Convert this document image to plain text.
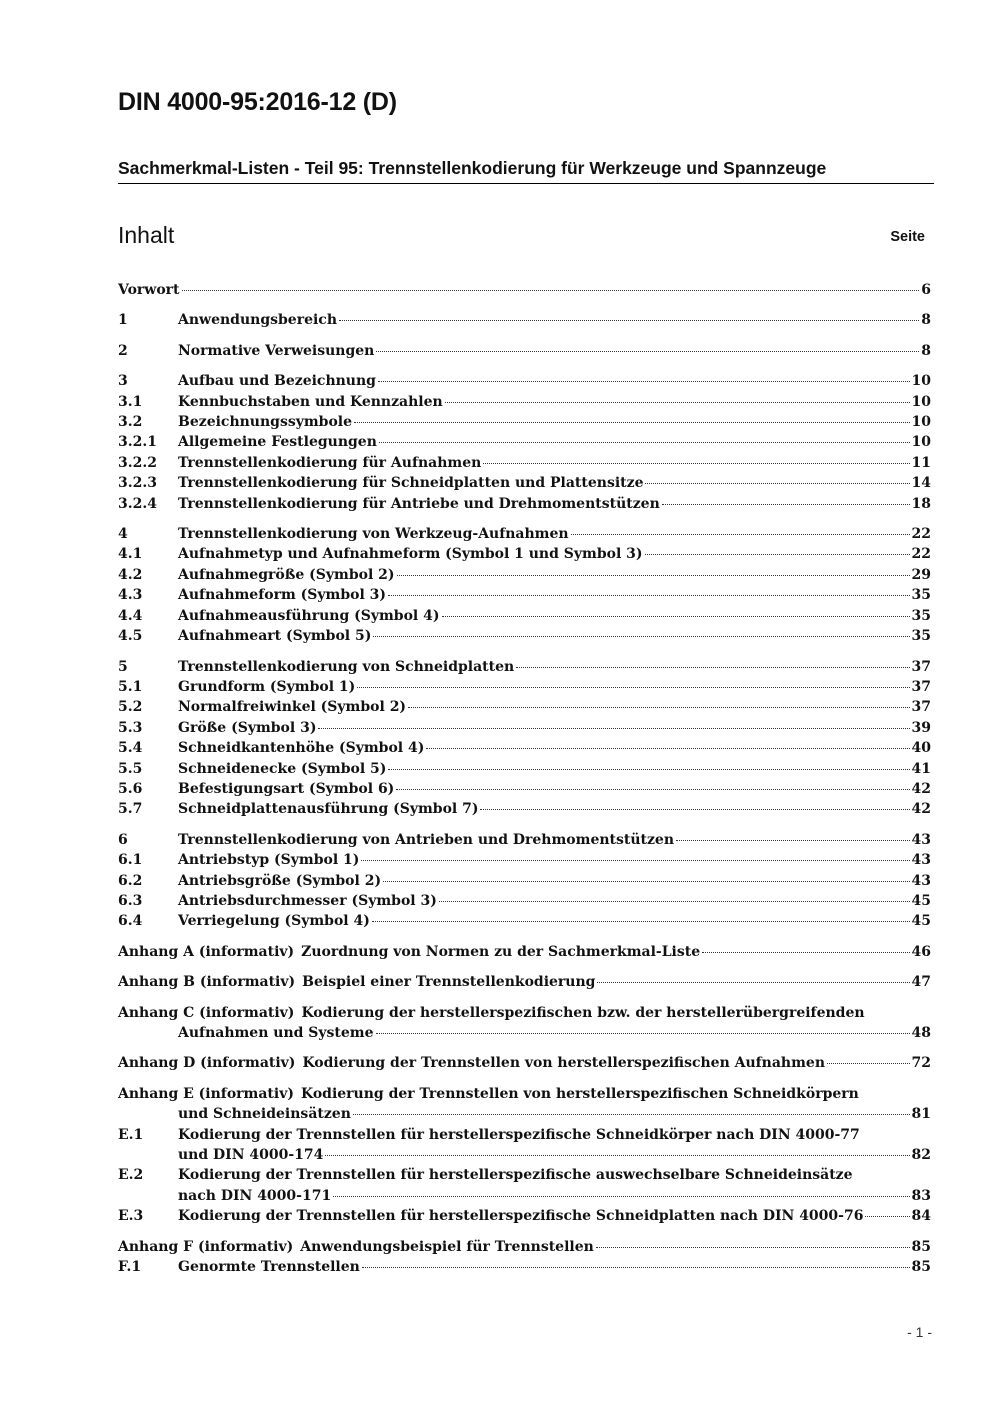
DIN 4000-95:2016-12 (D)
Sachmerkmal-Listen - Teil 95: Trennstellenkodierung für Werkzeuge und Spannzeuge
Inhalt	Seite
Vorwort	6
1	Anwendungsbereich	8
2	Normative Verweisungen	8
3	Aufbau und Bezeichnung	10
3.1	Kennbuchstaben und Kennzahlen	10
3.2	Bezeichnungssymbole	10
3.2.1	Allgemeine Festlegungen	10
3.2.2	Trennstellenkodierung für Aufnahmen	11
3.2.3	Trennstellenkodierung für Schneidplatten und Plattensitze	14
3.2.4	Trennstellenkodierung für Antriebe und Drehmomentstützen	18
4	Trennstellenkodierung von Werkzeug-Aufnahmen	22
4.1	Aufnahmetyp und Aufnahmeform (Symbol 1 und Symbol 3)	22
4.2	Aufnahmegröße (Symbol 2)	29
4.3	Aufnahmeform (Symbol 3)	35
4.4	Aufnahmeausführung (Symbol 4)	35
4.5	Aufnahmeart (Symbol 5)	35
5	Trennstellenkodierung von Schneidplatten	37
5.1	Grundform (Symbol 1)	37
5.2	Normalfreiwinkel (Symbol 2)	37
5.3	Größe (Symbol 3)	39
5.4	Schneidkantenhöhe (Symbol 4)	40
5.5	Schneidenecke (Symbol 5)	41
5.6	Befestigungsart (Symbol 6)	42
5.7	Schneidplattenausführung (Symbol 7)	42
6	Trennstellenkodierung von Antrieben und Drehmomentstützen	43
6.1	Antriebstyp (Symbol 1)	43
6.2	Antriebsgröße (Symbol 2)	43
6.3	Antriebsdurchmesser (Symbol 3)	45
6.4	Verriegelung (Symbol 4)	45
Anhang A (informativ) Zuordnung von Normen zu der Sachmerkmal-Liste	46
Anhang B (informativ) Beispiel einer Trennstellenkodierung	47
Anhang C (informativ) Kodierung der herstellerspezifischen bzw. der herstellerübergreifenden
Aufnahmen und Systeme	48
Anhang D (informativ) Kodierung der Trennstellen von herstellerspezifischen Aufnahmen	72
Anhang E (informativ) Kodierung der Trennstellen von herstellerspezifischen Schneidkörpern
und Schneideinsätzen	81
E.1	Kodierung der Trennstellen für herstellerspezifische Schneidkörper nach DIN 4000-77
und DIN 4000-174	82
E.2	Kodierung der Trennstellen für herstellerspezifische auswechselbare Schneideinsätze
nach DIN 4000-171	83
E.3	Kodierung der Trennstellen für herstellerspezifische Schneidplatten nach DIN 4000-76	84
Anhang F (informativ) Anwendungsbeispiel für Trennstellen	85
F.1	Genormte Trennstellen	85
- 1 -
